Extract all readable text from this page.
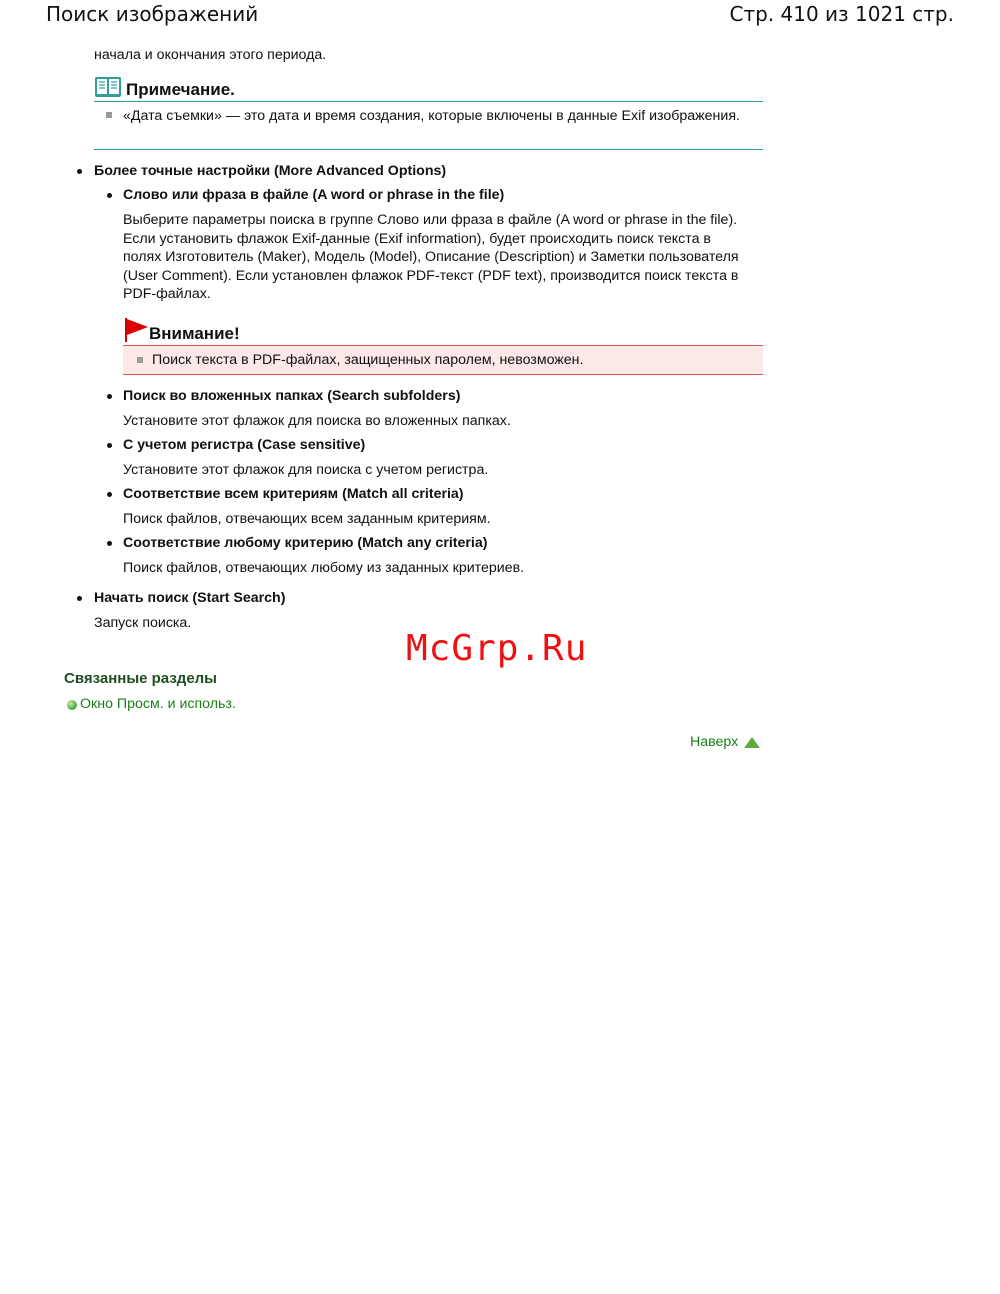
Поиск изображений	Стр. 410 из 1021 стр.
начала и окончания этого периода.
Примечание.
«Дата съемки» — это дата и время создания, которые включены в данные Exif изображения.
Более точные настройки (More Advanced Options)
Слово или фраза в файле (A word or phrase in the file)
Выберите параметры поиска в группе Слово или фраза в файле (A word or phrase in the file). Если установить флажок Exif-данные (Exif information), будет происходить поиск текста в полях Изготовитель (Maker), Модель (Model), Описание (Description) и Заметки пользователя (User Comment). Если установлен флажок PDF-текст (PDF text), производится поиск текста в PDF-файлах.
Внимание!
Поиск текста в PDF-файлах, защищенных паролем, невозможен.
Поиск во вложенных папках (Search subfolders)
Установите этот флажок для поиска во вложенных папках.
С учетом регистра (Case sensitive)
Установите этот флажок для поиска с учетом регистра.
Соответствие всем критериям (Match all criteria)
Поиск файлов, отвечающих всем заданным критериям.
Соответствие любому критерию (Match any criteria)
Поиск файлов, отвечающих любому из заданных критериев.
Начать поиск (Start Search)
Запуск поиска.
McGrp.Ru
Связанные разделы
Окно Просм. и использ.
Наверх
